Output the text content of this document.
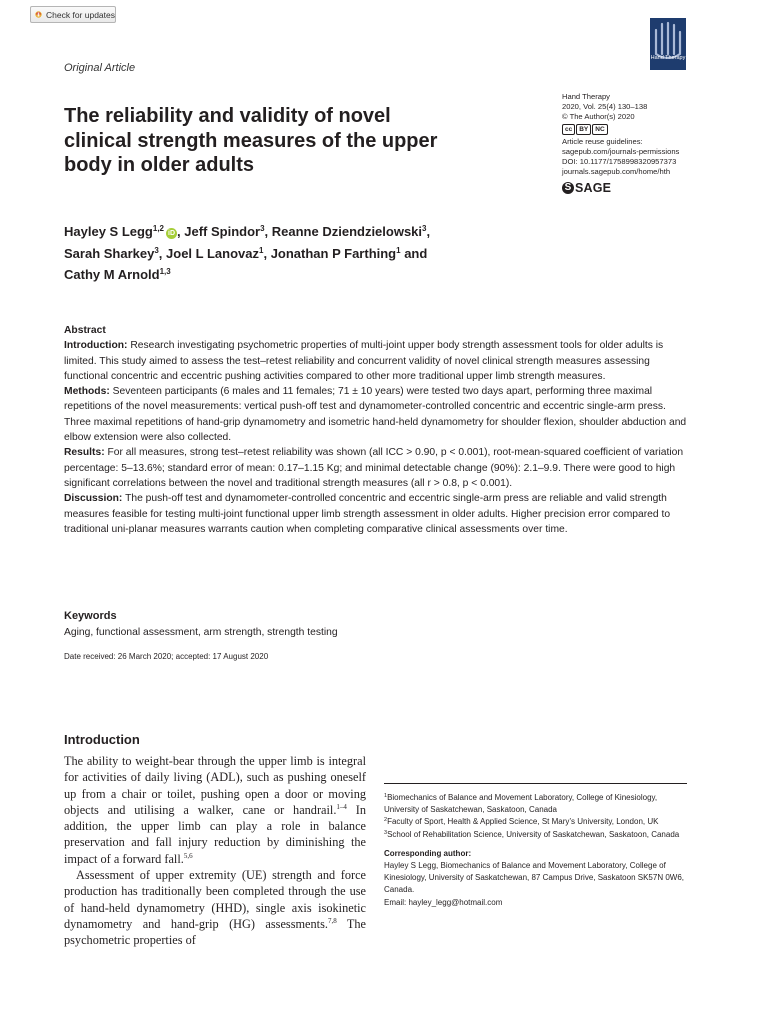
Check for updates
Hand Therapy
Original Article
The reliability and validity of novel clinical strength measures of the upper body in older adults
Hand Therapy
2020, Vol. 25(4) 130–138
© The Author(s) 2020
cc	BY	NC
Article reuse guidelines:
sagepub.com/journals-permissions
DOI: 10.1177/1758998320957373
journals.sagepub.com/home/hth
S SAGE
Hayley S Legg$^{1,2}$iD , Jeff Spindor$^3$, Reanne Dziendzielowski$^3$,
Sarah Sharkey$^3$, Joel L Lanovaz$^1$, Jonathan P Farthing$^1$ and
Cathy M Arnold$^{1,3}$

Abstract

Introduction: Research investigating psychometric properties of multi-joint upper body strength assessment tools for older adults is limited. This study aimed to assess the test–retest reliability and concurrent validity of novel clinical strength measures assessing functional concentric and eccentric pushing activities compared to other more traditional upper limb strength measures.

Methods: Seventeen participants (6 males and 11 females; 71 ± 10 years) were tested two days apart, performing three maximal repetitions of the novel measurements: vertical push-off test and dynamometer-controlled concentric and eccentric single-arm press. Three maximal repetitions of hand-grip dynamometry and isometric hand-held dynamometry for shoulder flexion, shoulder abduction and elbow extension were also collected.

Results: For all measures, strong test–retest reliability was shown (all ICC > 0.90, p < 0.001), root-mean-squared coefficient of variation percentage: 5–13.6%; standard error of mean: 0.17–1.15 Kg; and minimal detectable change (90%): 2.1–9.9. There were good to high significant correlations between the novel and traditional strength measures (all r > 0.8, p < 0.001).

Discussion: The push-off test and dynamometer-controlled concentric and eccentric single-arm press are reliable and valid strength measures feasible for testing multi-joint functional upper limb strength assessment in older adults. Higher precision error compared to traditional uni-planar measures warrants caution when completing comparative clinical assessments over time.

Keywords
Aging, functional assessment, arm strength, strength testing
Date received: 26 March 2020; accepted: 17 August 2020
Introduction

The ability to weight-bear through the upper limb is integral for activities of daily living (ADL), such as pushing oneself up from a chair or toilet, pushing open a door or moving objects and utilising a walker, cane or handrail.$^{1-4}$ In addition, the upper limb can play a role in balance preservation and fall injury reduction by diminishing the impact of a forward fall.$^{5,6}$

Assessment of upper extremity (UE) strength and force production has traditionally been completed through the use of hand-held dynamometry (HHD), single axis isokinetic dynamometry and hand-grip (HG) assessments.$^{7,8}$ The psychometric properties of

$^1$Biomechanics of Balance and Movement Laboratory, College of Kinesiology, University of Saskatchewan, Saskatoon, Canada

$^2$Faculty of Sport, Health & Applied Science, St Mary’s University, London, UK

$^3$School of Rehabilitation Science, University of Saskatchewan, Saskatoon, Canada

Corresponding author:

Hayley S Legg, Biomechanics of Balance and Movement Laboratory, College of Kinesiology, University of Saskatchewan, 87 Campus Drive, Saskatoon SK57N 0W6, Canada.

Email: hayley_legg@hotmail.com
